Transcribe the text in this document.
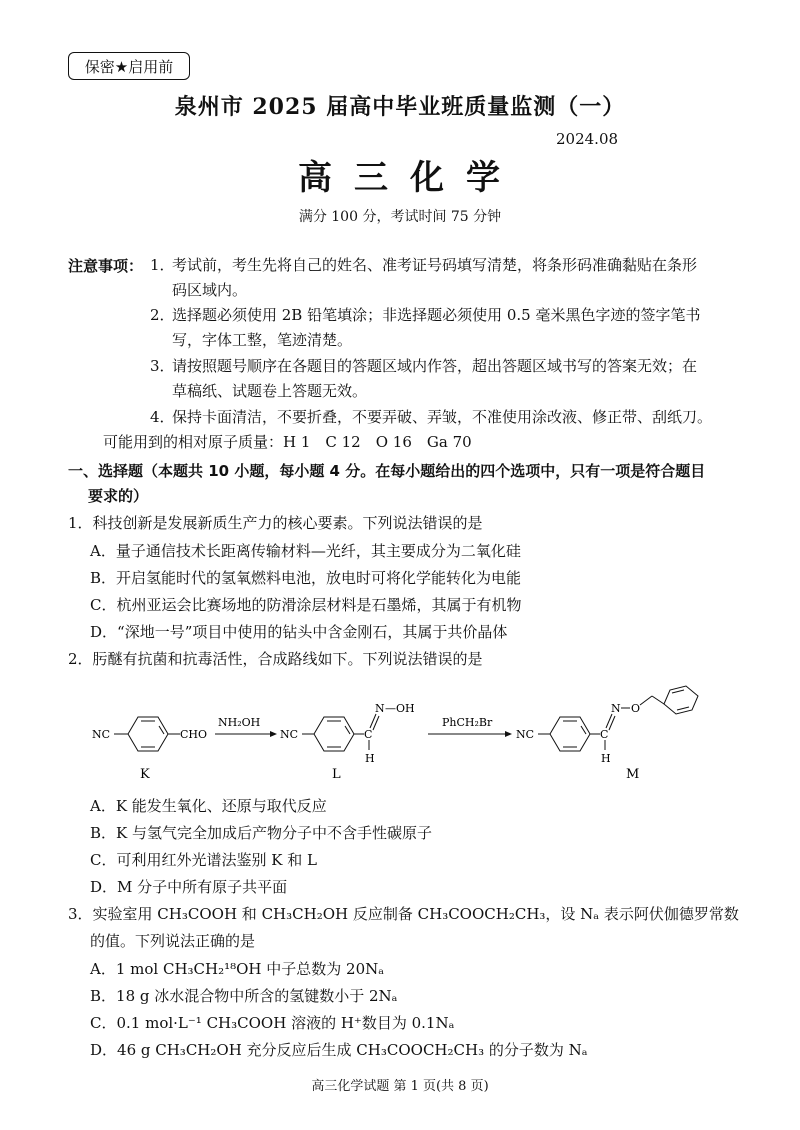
保密★启用前
泉州市 2025 届高中毕业班质量监测（一）
2024.08
高三化学
满分 100 分，考试时间 75 分钟
注意事项： 1．
考试前，考生先将自己的姓名、准考证号码填写清楚，将条形码准确黏贴在条形
码区域内。
2．
选择题必须使用 2B 铅笔填涂；非选择题必须使用 0.5 毫米黑色字迹的签字笔书
写，字体工整，笔迹清楚。
3．
请按照题号顺序在各题目的答题区域内作答，超出答题区域书写的答案无效；在
草稿纸、试题卷上答题无效。
4．
保持卡面清洁，不要折叠，不要弄破、弄皱，不准使用涂改液、修正带、刮纸刀。
可能用到的相对原子质量：H 1　C 12　O 16　Ga 70
一、选择题（本题共 10 小题，每小题 4 分。在每小题给出的四个选项中，只有一项是符合题目
要求的）
1．科技创新是发展新质生产力的核心要素。下列说法错误的是
A．量子通信技术长距离传输材料—光纤，其主要成分为二氧化硅
B．开启氢能时代的氢氧燃料电池，放电时可将化学能转化为电能
C．杭州亚运会比赛场地的防滑涂层材料是石墨烯，其属于有机物
D．“深地一号”项目中使用的钻头中含金刚石，其属于共价晶体
2．肟醚有抗菌和抗毒活性，合成路线如下。下列说法错误的是
NC	CHO
K
NH₂OH
NC	C
N —OH
H
L
PhCH₂Br
NC	C
N O
H
M
A．K 能发生氧化、还原与取代反应
B．K 与氢气完全加成后产物分子中不含手性碳原子
C．可利用红外光谱法鉴别 K 和 L
D．M 分子中所有原子共平面
3．实验室用 CH₃COOH 和 CH₃CH₂OH 反应制备 CH₃COOCH₂CH₃，设 Nₐ 表示阿伏伽德罗常数
的值。下列说法正确的是
A．1 mol CH₃CH₂¹⁸OH 中子总数为 20Nₐ
B．18 g 冰水混合物中所含的氢键数小于 2Nₐ
C．0.1 mol·L⁻¹ CH₃COOH 溶液的 H⁺数目为 0.1Nₐ
D．46 g CH₃CH₂OH 充分反应后生成 CH₃COOCH₂CH₃ 的分子数为 Nₐ
高三化学试题 第 1 页(共 8 页)
